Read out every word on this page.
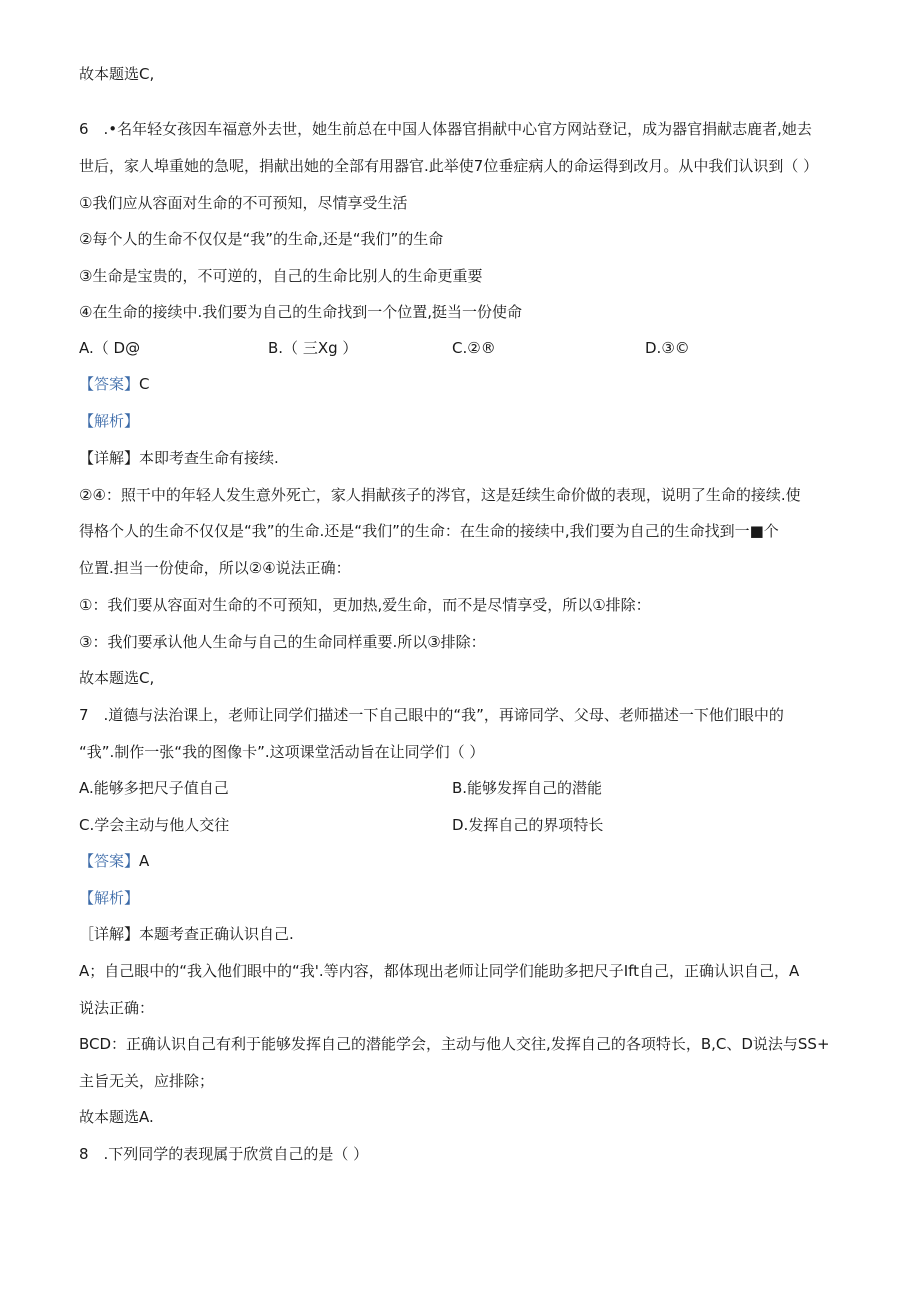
故本题选C,
6　.•名年轻女孩因车福意外去世，她生前总在中国人体器官捐献中心官方网站登记，成为器官捐献志鹿者,她去
世后，家人埠重她的急呢，捐献出她的全部有用器官.此举使7位垂症病人的命运得到改月。从中我们认识到（ ）
①我们应从容面对生命的不可预知，尽情享受生活
②每个人的生命不仅仅是“我”的生命,还是“我们”的生命
③生命是宝贵的，不可逆的，自己的生命比别人的生命更重要
④在生命的接续中.我们要为自己的生命找到一个位置,挺当一份使命
A.（ D@	B.（ 三Xg ）	C.②®	D.③©
【答案】C
【解析】
【详解】本即考查生命有接续.
②④：照干中的年轻人发生意外死亡，家人捐献孩子的涔官，这是廷续生命价做的表现，说明了生命的接续.使
得格个人的生命不仅仅是“我”的生命.还是“我们”的生命：在生命的接续中,我们要为自己的生命找到一■个
位置.担当一份使命，所以②④说法正确：
①：我们要从容面对生命的不可预知，更加热,爱生命，而不是尽情享受，所以①排除：
③：我们要承认他人生命与自己的生命同样重要.所以③排除：
故本题选C,
7　.道德与法治课上，老师让同学们描述一下自己眼中的“我”，再谛同学、父母、老师描述一下他们眼中的
“我”.制作一张“我的图像卡”.这项课堂活动旨在让同学们（ ）
A.能够多把尺子值自己	B.能够发挥自己的潜能
C.学会主动与他人交往	D.发挥自己的界项特长
【答案】A
【解析】
［详解】本题考查正确认识自己.
A；自己眼中的“我入他们眼中的“我'.等内容，都体现出老师让同学们能助多把尺子Ift自己，正确认识自己，A
说法正确：
BCD：正确认识自己有利于能够发挥自己的潜能学会，主动与他人交往,发挥自己的各项特长，B,C、D说法与SS+
主旨无关，应排除；
故本题选A.
8　.下列同学的表现属于欣赏自己的是（ ）
